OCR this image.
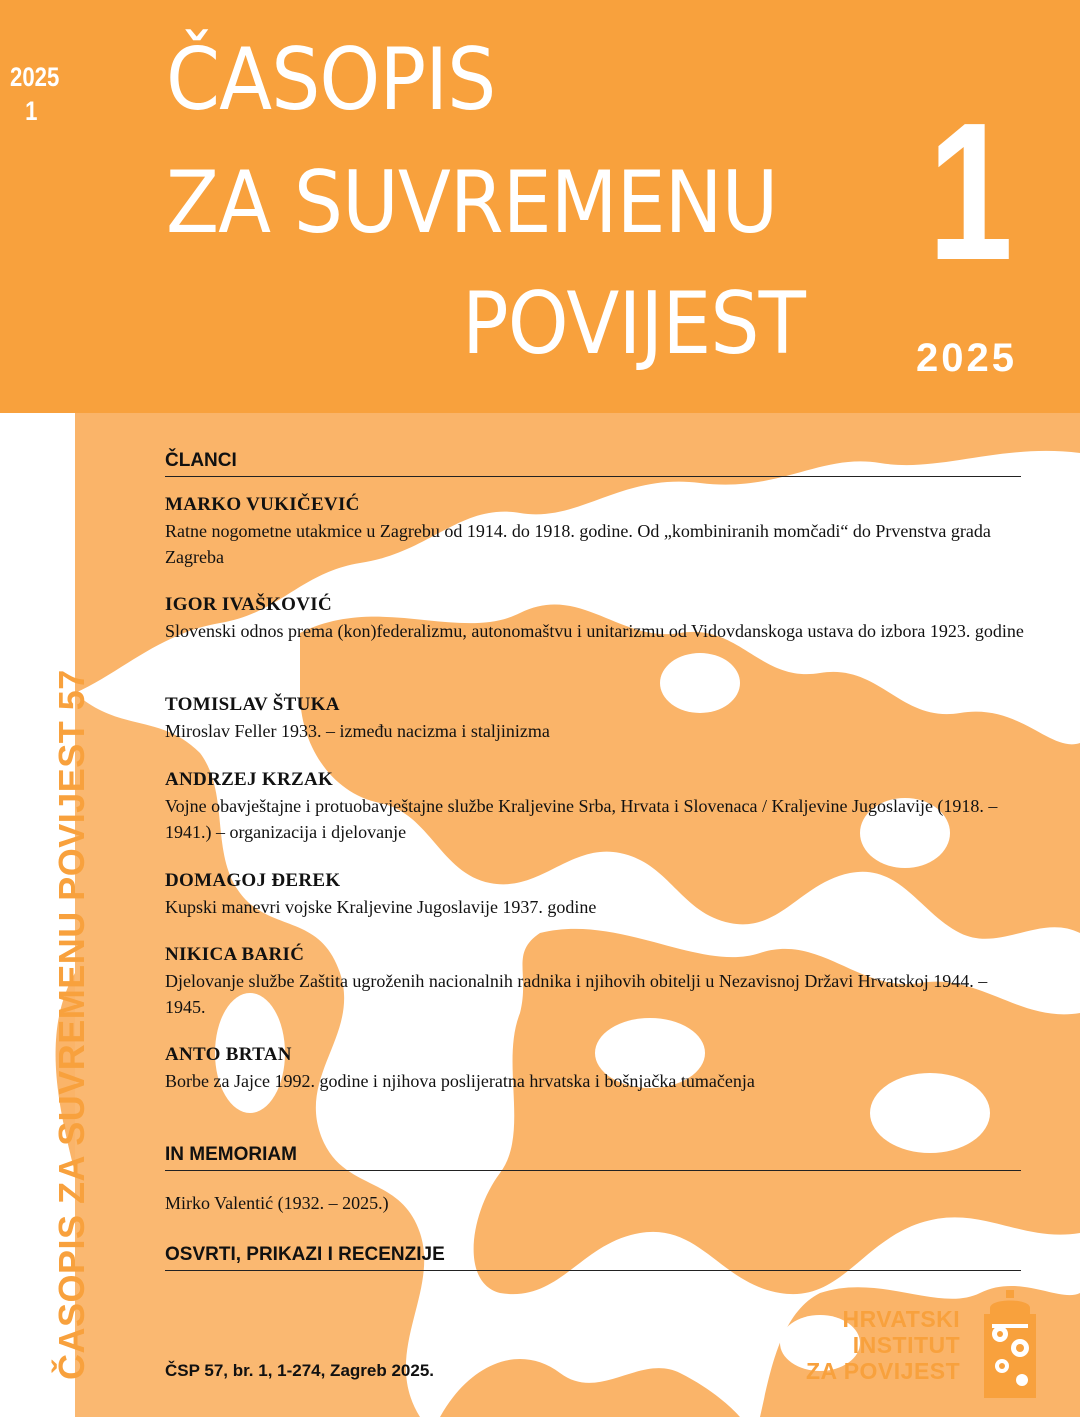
2025
1 ČASOPIS
ZA SUVREMENU
POVIJEST
1
2025
ČASOPIS ZA SUVREMENU POVIJEST 57
ČLANCI
MARKO VUKIČEVIĆ
Ratne nogometne utakmice u Zagrebu od 1914. do 1918. godine. Od „kombiniranih momčadi“ do Prvenstva grada Zagreba
IGOR IVAŠKOVIĆ
Slovenski odnos prema (kon)federalizmu, autonomaštvu i unitarizmu od Vidovdanskoga ustava do izbora 1923. godine
TOMISLAV ŠTUKA
Miroslav Feller 1933. – između nacizma i staljinizma
ANDRZEJ KRZAK
Vojne obavještajne i protuobavještajne službe Kraljevine Srba, Hrvata i Slovenaca / Kraljevine Jugoslavije (1918. –1941.) – organizacija i djelovanje
DOMAGOJ ĐEREK
Kupski manevri vojske Kraljevine Jugoslavije 1937. godine
NIKICA BARIĆ
Djelovanje službe Zaštita ugroženih nacionalnih radnika i njihovih obitelji u Nezavisnoj Državi Hrvatskoj 1944. – 1945.
ANTO BRTAN
Borbe za Jajce 1992. godine i njihova poslijeratna hrvatska i bošnjačka tumačenja
IN MEMORIAM
Mirko Valentić (1932. – 2025.)
OSVRTI, PRIKAZI I RECENZIJE
ČSP 57, br. 1, 1-274, Zagreb 2025.
HRVATSKI
INSTITUT
ZA POVIJEST
